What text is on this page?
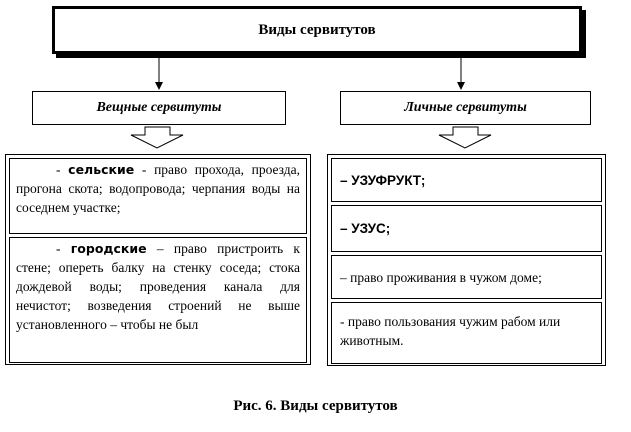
Виды сервитутов
Вещные сервитуты	Личные сервитуты

- сельские - право прохода, проезда, прогона скота; водопровода; черпания воды на соседнем участке;

- городские – право пристроить к стене; опереть балку на стенку соседа; стока дождевой воды; проведения канала для нечистот; возведения строений не выше установленного – чтобы не был

– УЗУФРУКТ;
– УЗУС;
– право проживания в чужом доме;
- право пользования чужим рабом или животным.
Рис. 6. Виды сервитутов
